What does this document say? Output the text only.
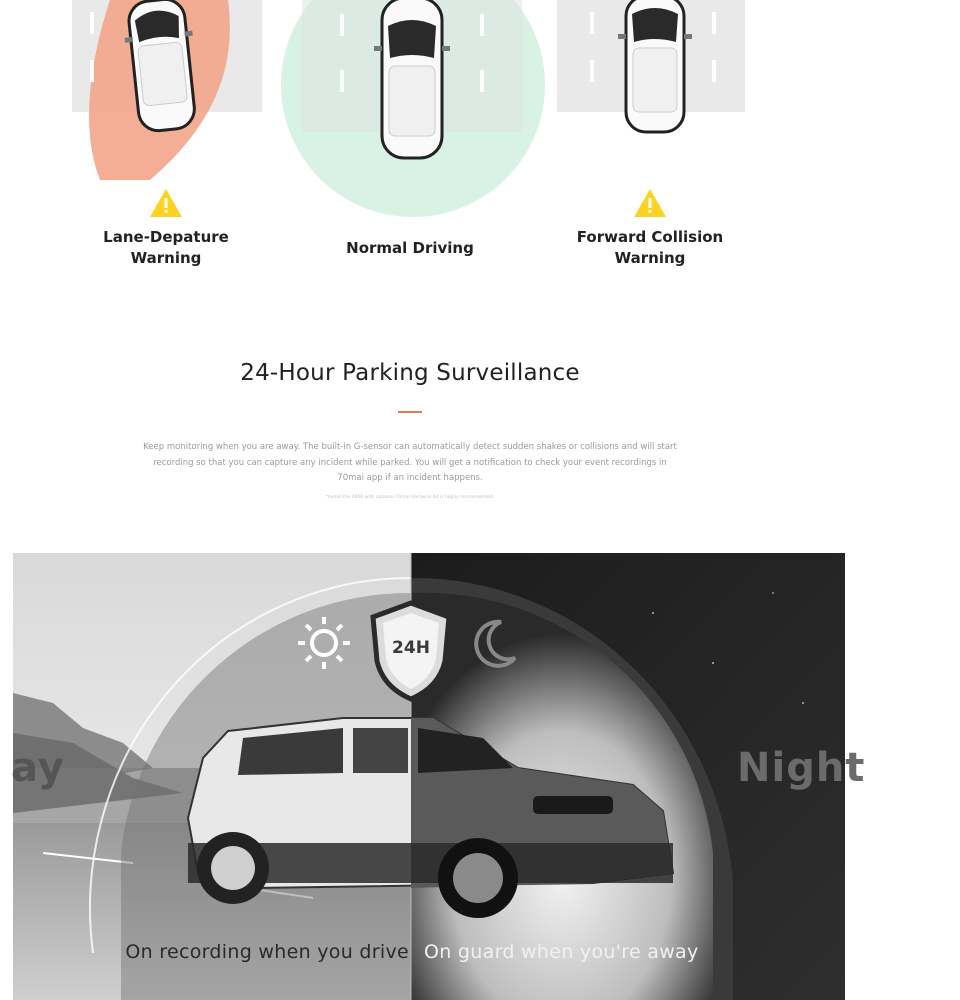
Lane-Depature
Warning
Normal Driving
Forward Collision
Warning
24-Hour Parking Surveillance
Keep monitoring when you are away. The built-in G-sensor can automatically detect sudden shakes or collisions and will start recording so that you can capture any incident while parked. You will get a notification to check your event recordings in 70mai app if an incident happens.
*Install the 4800 with optional 70mai Hardwire Kit is highly recommended.
24H
ay	Night
On recording when you drive On guard when you're away
